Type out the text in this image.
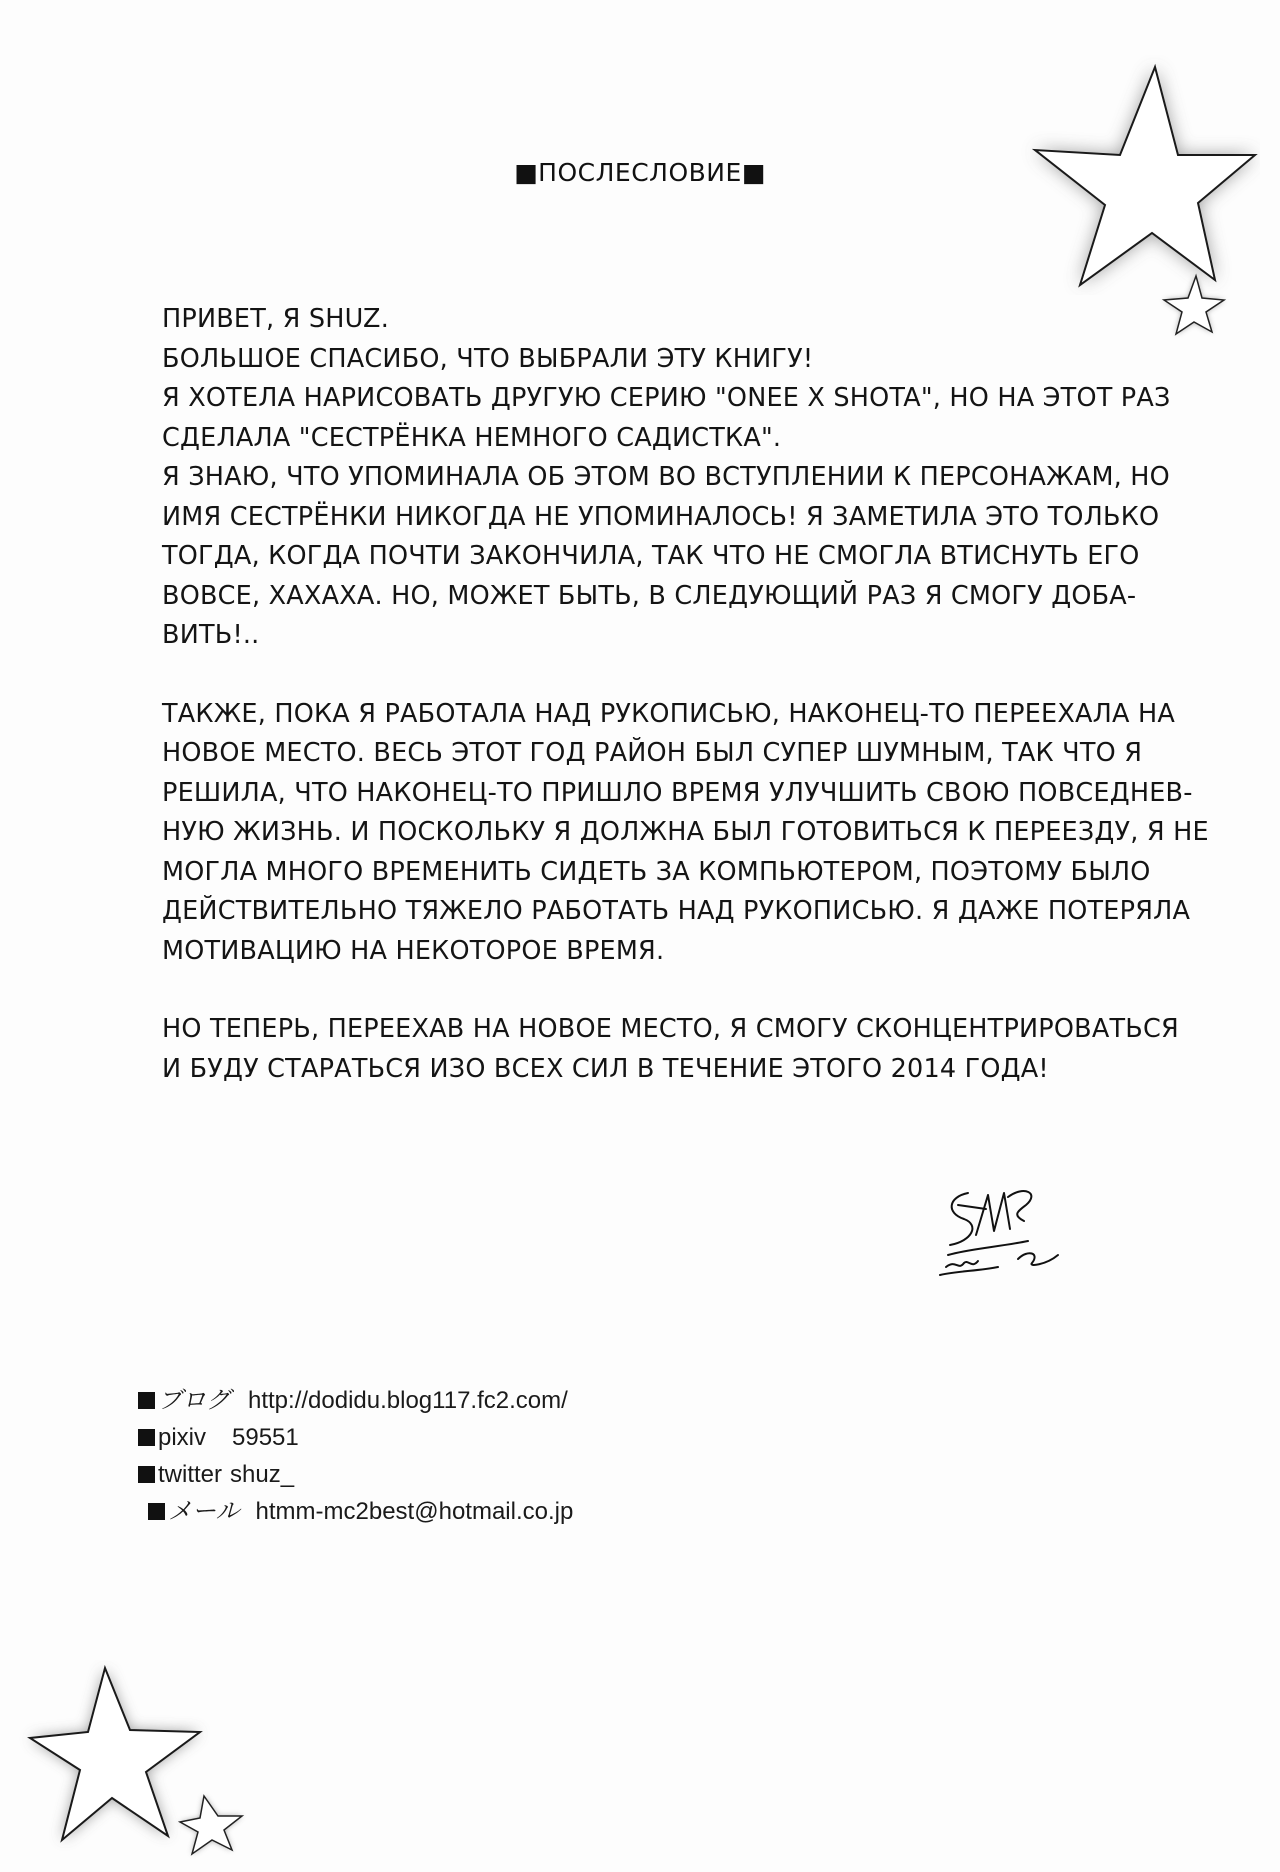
■ПОСЛЕСЛОВИЕ■

ПРИВЕТ, Я SHUZ.
БОЛЬШОЕ СПАСИБО, ЧТО ВЫБРАЛИ ЭТУ КНИГУ!
Я ХОТЕЛА НАРИСОВАТЬ ДРУГУЮ СЕРИЮ "ONEE X SHOTA", НО НА ЭТОТ РАЗ
СДЕЛАЛА "СЕСТРЁНКА НЕМНОГО САДИСТКА".
Я ЗНАЮ, ЧТО УПОМИНАЛА ОБ ЭТОМ ВО ВСТУПЛЕНИИ К ПЕРСОНАЖАМ, НО
ИМЯ СЕСТРЁНКИ НИКОГДА НЕ УПОМИНАЛОСЬ! Я ЗАМЕТИЛА ЭТО ТОЛЬКО
ТОГДА, КОГДА ПОЧТИ ЗАКОНЧИЛА, ТАК ЧТО НЕ СМОГЛА ВТИСНУТЬ ЕГО
ВОВСЕ, ХАХАХА. НО, МОЖЕТ БЫТЬ, В СЛЕДУЮЩИЙ РАЗ Я СМОГУ ДОБА-
ВИТЬ!..

ТАКЖЕ, ПОКА Я РАБОТАЛА НАД РУКОПИСЬЮ, НАКОНЕЦ-ТО ПЕРЕЕХАЛА НА
НОВОЕ МЕСТО. ВЕСЬ ЭТОТ ГОД РАЙОН БЫЛ СУПЕР ШУМНЫМ, ТАК ЧТО Я
РЕШИЛА, ЧТО НАКОНЕЦ-ТО ПРИШЛО ВРЕМЯ УЛУЧШИТЬ СВОЮ ПОВСЕДНЕВ-
НУЮ ЖИЗНЬ. И ПОСКОЛЬКУ Я ДОЛЖНА БЫЛ ГОТОВИТЬСЯ К ПЕРЕЕЗДУ, Я НЕ
МОГЛА МНОГО ВРЕМЕНИТЬ СИДЕТЬ ЗА КОМПЬЮТЕРОМ, ПОЭТОМУ БЫЛО
ДЕЙСТВИТЕЛЬНО ТЯЖЕЛО РАБОТАТЬ НАД РУКОПИСЬЮ. Я ДАЖЕ ПОТЕРЯЛА
МОТИВАЦИЮ НА НЕКОТОРОЕ ВРЕМЯ.

НО ТЕПЕРЬ, ПЕРЕЕХАВ НА НОВОЕ МЕСТО, Я СМОГУ СКОНЦЕНТРИРОВАТЬСЯ
И БУДУ СТАРАТЬСЯ ИЗО ВСЕХ СИЛ В ТЕЧЕНИЕ ЭТОГО 2014 ГОДА!

ブログ http://dodidu.blog117.fc2.com/
pixiv 59551
twitter shuz_
メール htmm-mc2best@hotmail.co.jp
